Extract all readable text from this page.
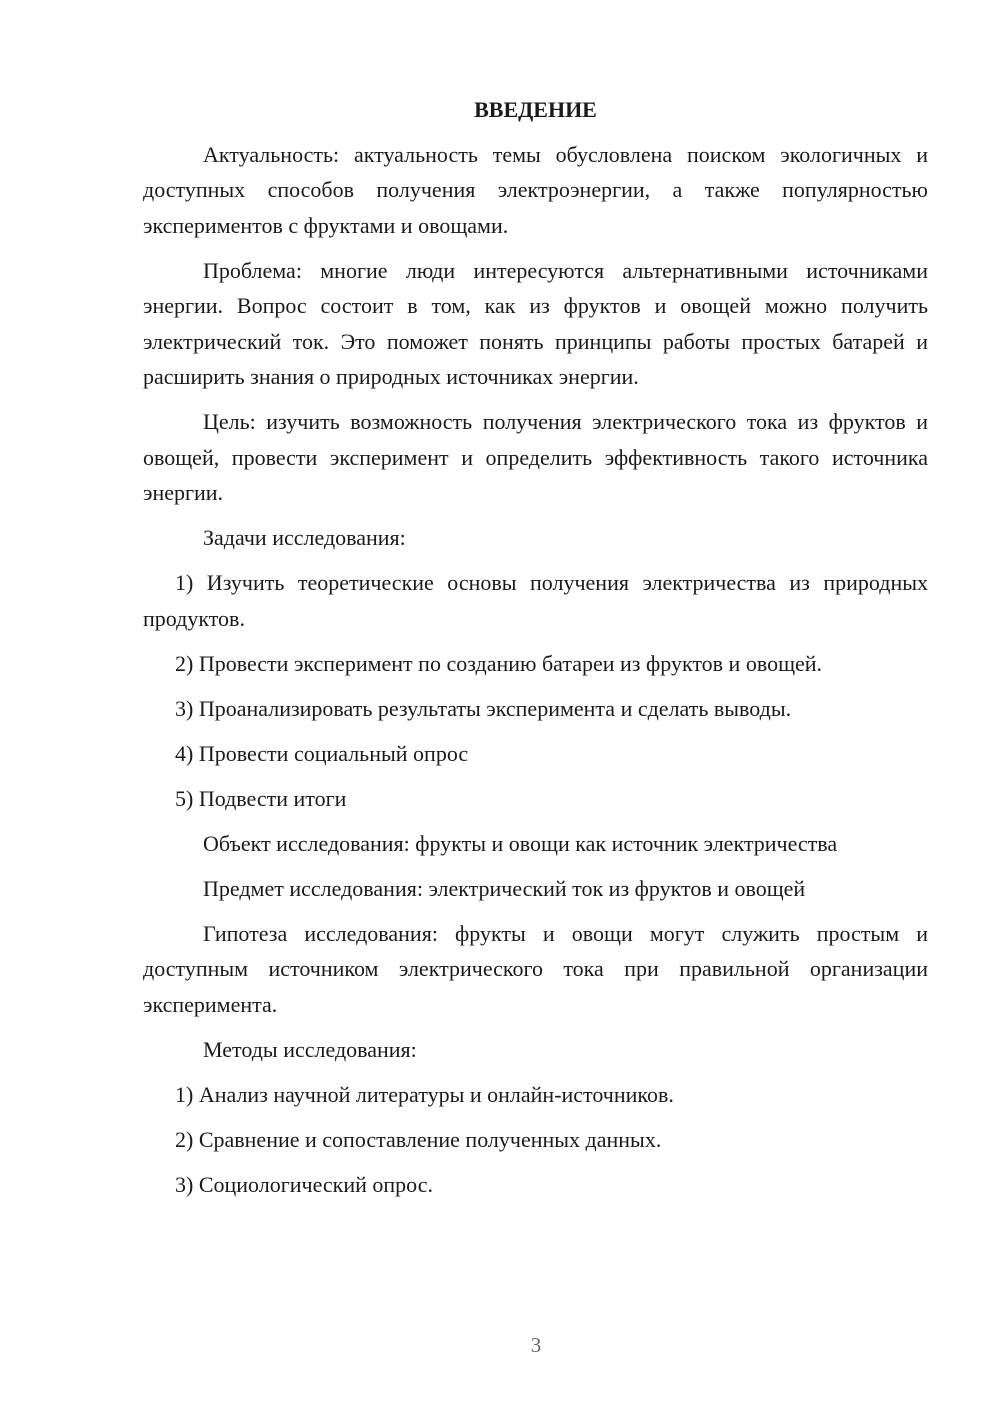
ВВЕДЕНИЕ

Актуальность: актуальность темы обусловлена поиском экологичных и доступных способов получения электроэнергии, а также популярностью экспериментов с фруктами и овощами.

Проблема: многие люди интересуются альтернативными источниками энергии. Вопрос состоит в том, как из фруктов и овощей можно получить электрический ток. Это поможет понять принципы работы простых батарей и расширить знания о природных источниках энергии.

Цель: изучить возможность получения электрического тока из фруктов и овощей, провести эксперимент и определить эффективность такого источника энергии.

Задачи исследования:

1) Изучить теоретические основы получения электричества из природных продуктов.

2) Провести эксперимент по созданию батареи из фруктов и овощей.

3) Проанализировать результаты эксперимента и сделать выводы.

4) Провести социальный опрос

5) Подвести итоги

Объект исследования: фрукты и овощи как источник электричества

Предмет исследования: электрический ток из фруктов и овощей

Гипотеза исследования: фрукты и овощи могут служить простым и доступным источником электрического тока при правильной организации эксперимента.

Методы исследования:

1) Анализ научной литературы и онлайн-источников.

2) Сравнение и сопоставление полученных данных.

3) Социологический опрос.

3
